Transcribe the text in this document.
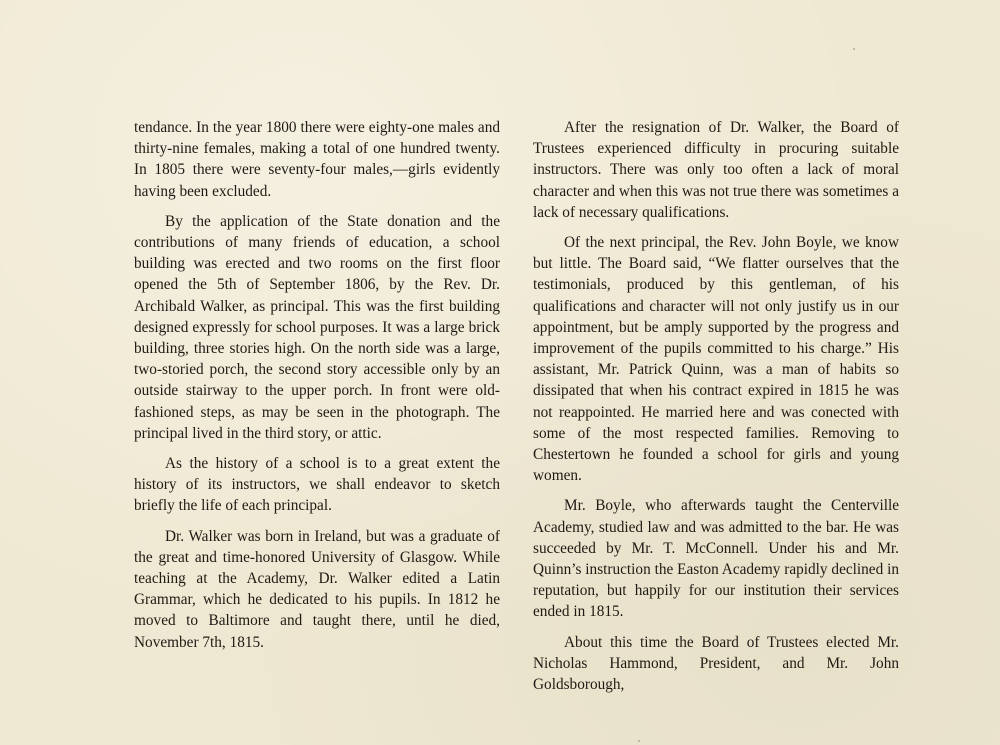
tendance. In the year 1800 there were eighty-one males and thirty-nine females, making a total of one hundred twenty. In 1805 there were seventy-four males,—girls evidently having been excluded.

By the application of the State donation and the contributions of many friends of education, a school building was erected and two rooms on the first floor opened the 5th of September 1806, by the Rev. Dr. Archibald Walker, as principal. This was the first building designed expressly for school purposes. It was a large brick building, three stories high. On the north side was a large, two-storied porch, the second story accessible only by an outside stairway to the upper porch. In front were old-fashioned steps, as may be seen in the photograph. The principal lived in the third story, or attic.

As the history of a school is to a great extent the history of its instructors, we shall endeavor to sketch briefly the life of each principal.

Dr. Walker was born in Ireland, but was a graduate of the great and time-honored University of Glasgow. While teaching at the Academy, Dr. Walker edited a Latin Grammar, which he dedicated to his pupils. In 1812 he moved to Baltimore and taught there, until he died, November 7th, 1815.

After the resignation of Dr. Walker, the Board of Trustees experienced difficulty in procuring suitable instructors. There was only too often a lack of moral character and when this was not true there was sometimes a lack of necessary qualifications.

Of the next principal, the Rev. John Boyle, we know but little. The Board said, “We flatter ourselves that the testimonials, produced by this gentleman, of his qualifications and character will not only justify us in our appointment, but be amply supported by the progress and improvement of the pupils committed to his charge.” His assistant, Mr. Patrick Quinn, was a man of habits so dissipated that when his contract expired in 1815 he was not reappointed. He married here and was conected with some of the most respected families. Removing to Chestertown he founded a school for girls and young women.

Mr. Boyle, who afterwards taught the Centerville Academy, studied law and was admitted to the bar. He was succeeded by Mr. T. McConnell. Under his and Mr. Quinn’s instruction the Easton Academy rapidly declined in reputation, but happily for our institution their services ended in 1815.

About this time the Board of Trustees elected Mr. Nicholas Hammond, President, and Mr. John Goldsborough,
